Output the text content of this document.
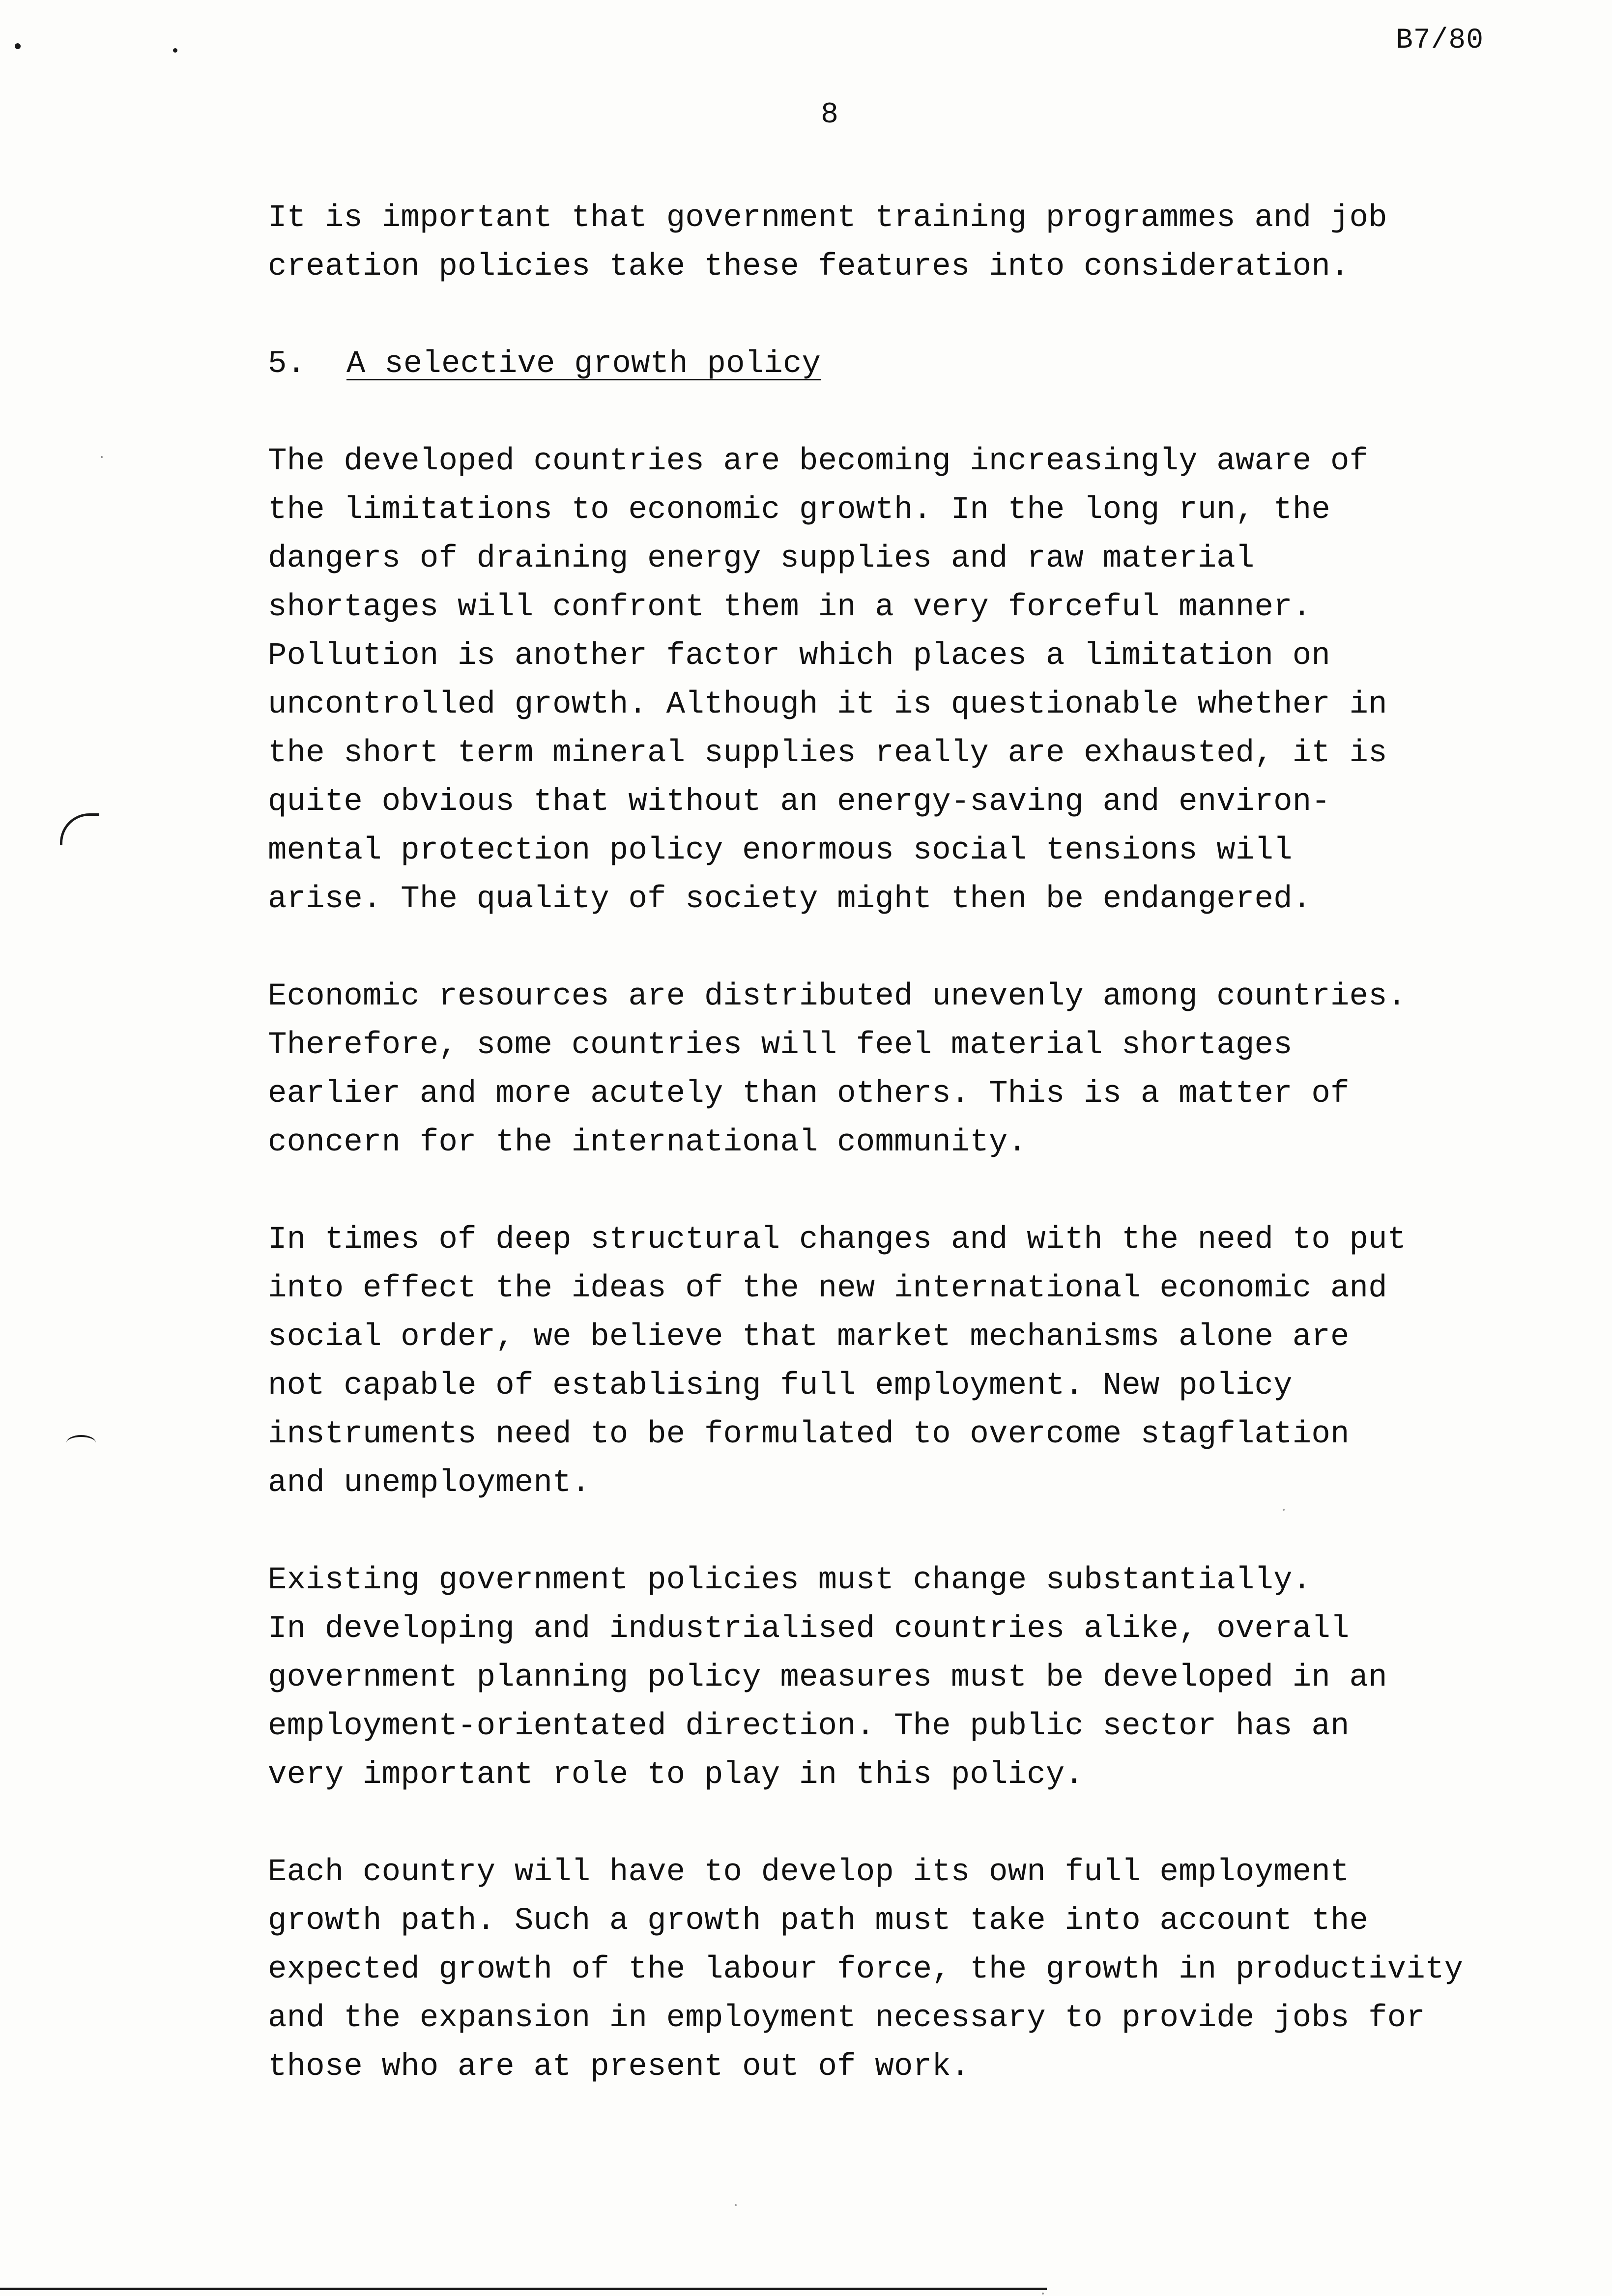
B7/80
8

It is important that government training programmes and job
creation policies take these features into consideration.

5. A selective growth policy

The developed countries are becoming increasingly aware of
the limitations to economic growth. In the long run, the
dangers of draining energy supplies and raw material
shortages will confront them in a very forceful manner.
Pollution is another factor which places a limitation on
uncontrolled growth. Although it is questionable whether in
the short term mineral supplies really are exhausted, it is
quite obvious that without an energy-saving and environ-
mental protection policy enormous social tensions will
arise. The quality of society might then be endangered.

Economic resources are distributed unevenly among countries.
Therefore, some countries will feel material shortages
earlier and more acutely than others. This is a matter of
concern for the international community.

In times of deep structural changes and with the need to put
into effect the ideas of the new international economic and
social order, we believe that market mechanisms alone are
not capable of establising full employment. New policy
instruments need to be formulated to overcome stagflation
and unemployment.

Existing government policies must change substantially.
In developing and industrialised countries alike, overall
government planning policy measures must be developed in an
employment-orientated direction. The public sector has an
very important role to play in this policy.

Each country will have to develop its own full employment
growth path. Such a growth path must take into account the
expected growth of the labour force, the growth in productivity
and the expansion in employment necessary to provide jobs for
those who are at present out of work.
